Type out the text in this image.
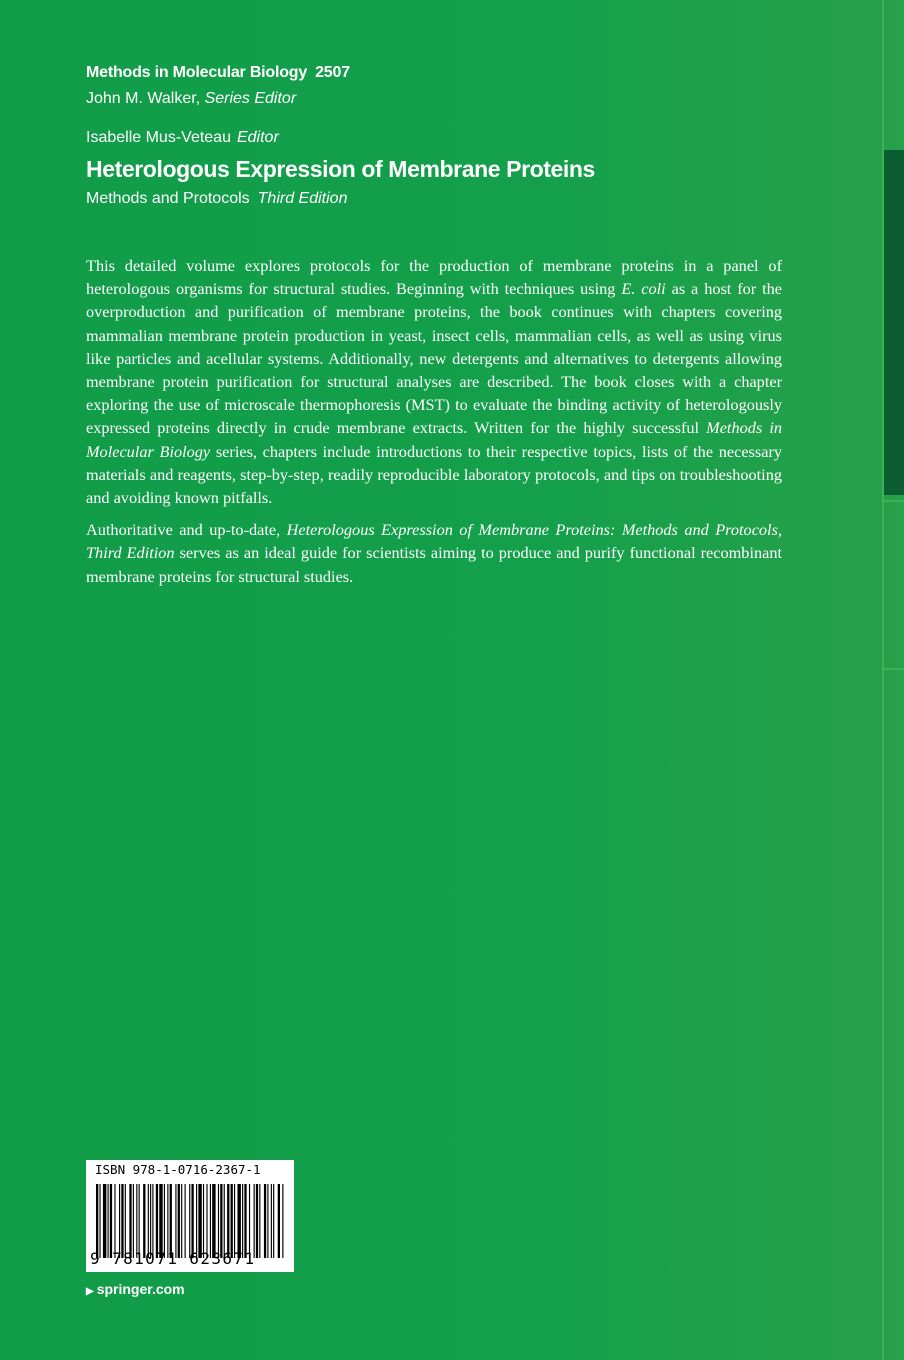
Methods in Molecular Biology 2507
John M. Walker, Series Editor
Isabelle Mus-Veteau Editor
Heterologous Expression of Membrane Proteins
Methods and Protocols Third Edition

This detailed volume explores protocols for the production of membrane proteins in a panel of heterologous organisms for structural studies. Beginning with techniques using E. coli as a host for the overproduction and purification of membrane proteins, the book continues with chapters covering mammalian membrane protein production in yeast, insect cells, mammalian cells, as well as using virus like particles and acellular systems. Additionally, new detergents and alternatives to detergents allowing membrane protein purification for structural analyses are described. The book closes with a chapter exploring the use of microscale thermophoresis (MST) to evaluate the binding activity of heterologously expressed proteins directly in crude membrane extracts. Written for the highly successful Methods in Molecular Biology series, chapters include introductions to their respective topics, lists of the necessary materials and reagents, step-by-step, readily reproducible laboratory protocols, and tips on troubleshooting and avoiding known pitfalls.

Authoritative and up-to-date, Heterologous Expression of Membrane Proteins: Methods and Protocols, Third Edition serves as an ideal guide for scientists aiming to produce and purify functional recombinant membrane proteins for structural studies.

ISBN 978-1-0716-2367-1
9 781071 623671
▶ springer.com
